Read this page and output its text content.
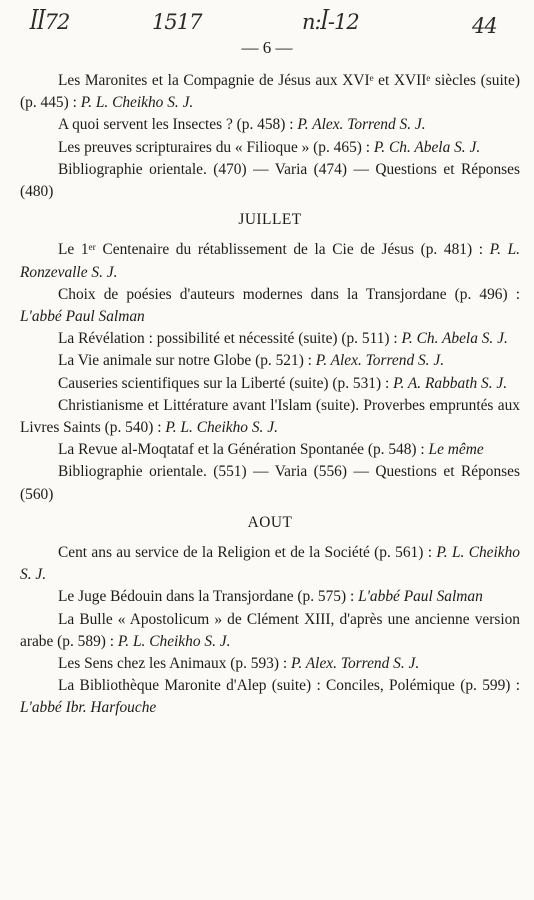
ꟾꟾ72	1517	n:ꟾ-12	44
— 6 —

Les Maronites et la Compagnie de Jésus aux XVIᵉ et XVIIᵉ siècles (suite) (p. 445) : P. L. Cheikho S. J.

A quoi servent les Insectes ? (p. 458) : P. Alex. Torrend S. J.

Les preuves scripturaires du « Filioque » (p. 465) : P. Ch. Abela S. J.

Bibliographie orientale. (470) — Varia (474) — Questions et Réponses (480)

JUILLET

Le 1ᵉʳ Centenaire du rétablissement de la Cie de Jésus (p. 481) : P. L. Ronzevalle S. J.

Choix de poésies d'auteurs modernes dans la Transjordane (p. 496) : L'abbé Paul Salman

La Révélation : possibilité et nécessité (suite) (p. 511) : P. Ch. Abela S. J.

La Vie animale sur notre Globe (p. 521) : P. Alex. Torrend S. J.

Causeries scientifiques sur la Liberté (suite) (p. 531) : P. A. Rabbath S. J.

Christianisme et Littérature avant l'Islam (suite). Proverbes empruntés aux Livres Saints (p. 540) : P. L. Cheikho S. J.

La Revue al-Moqtataf et la Génération Spontanée (p. 548) : Le même

Bibliographie orientale. (551) — Varia (556) — Questions et Réponses (560)

AOUT

Cent ans au service de la Religion et de la Société (p. 561) : P. L. Cheikho S. J.

Le Juge Bédouin dans la Transjordane (p. 575) : L'abbé Paul Salman

La Bulle « Apostolicum » de Clément XIII, d'après une ancienne version arabe (p. 589) : P. L. Cheikho S. J.

Les Sens chez les Animaux (p. 593) : P. Alex. Torrend S. J.

La Bibliothèque Maronite d'Alep (suite) : Conciles, Polémique (p. 599) : L'abbé Ibr. Harfouche
